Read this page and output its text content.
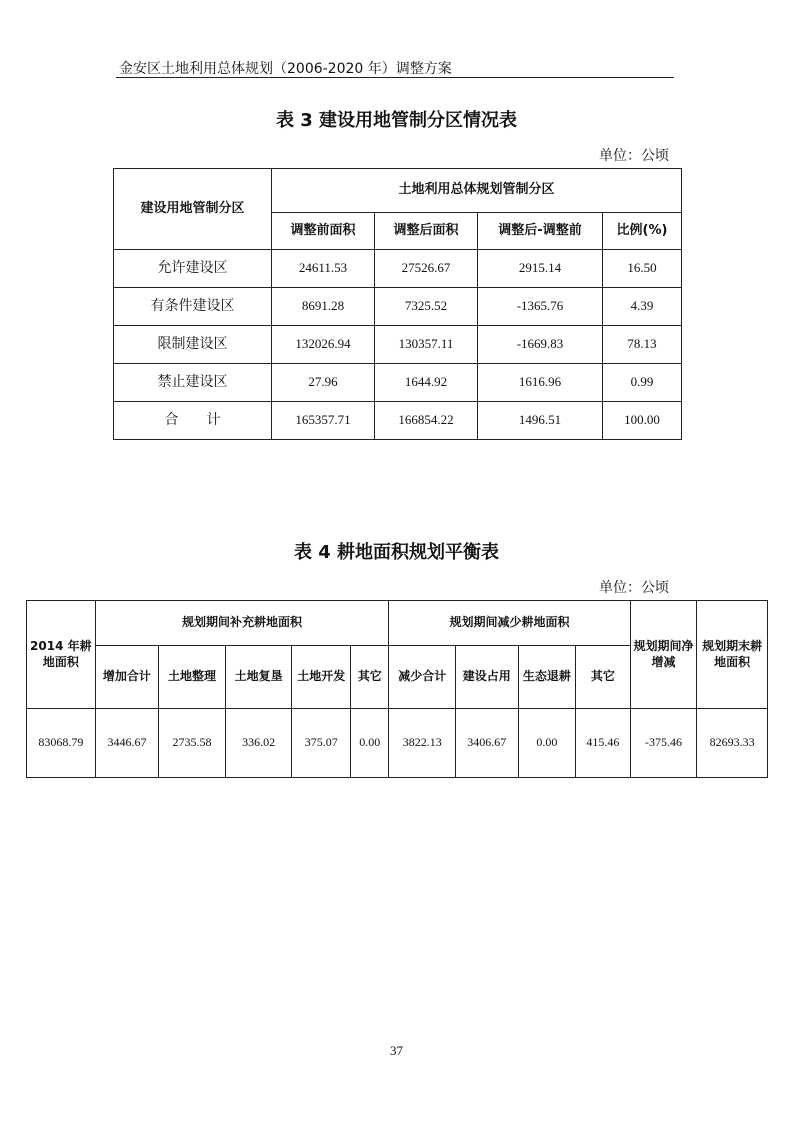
金安区土地利用总体规划（2006-2020 年）调整方案
表 3 建设用地管制分区情况表
单位：公顷
建设用地管制分区	土地利用总体规划管制分区			
	调整前面积	调整后面积	调整后-调整前	比例(%)
允许建设区	24611.53	27526.67	2915.14	16.50
有条件建设区	8691.28	7325.52	-1365.76	4.39
限制建设区	132026.94	130357.11	-1669.83	78.13
禁止建设区	27.96	1644.92	1616.96	0.99
合　　计	165357.71	166854.22	1496.51	100.00
表 4 耕地面积规划平衡表
单位：公顷
2014 年耕地面积	规划期间补充耕地面积					规划期间减少耕地面积				规划期间净增减	规划期末耕地面积
	增加合计	土地整理	土地复垦	土地开发	其它	减少合计	建设占用	生态退耕	其它		
83068.79	3446.67	2735.58	336.02	375.07	0.00	3822.13	3406.67	0.00	415.46	-375.46	82693.33
37
